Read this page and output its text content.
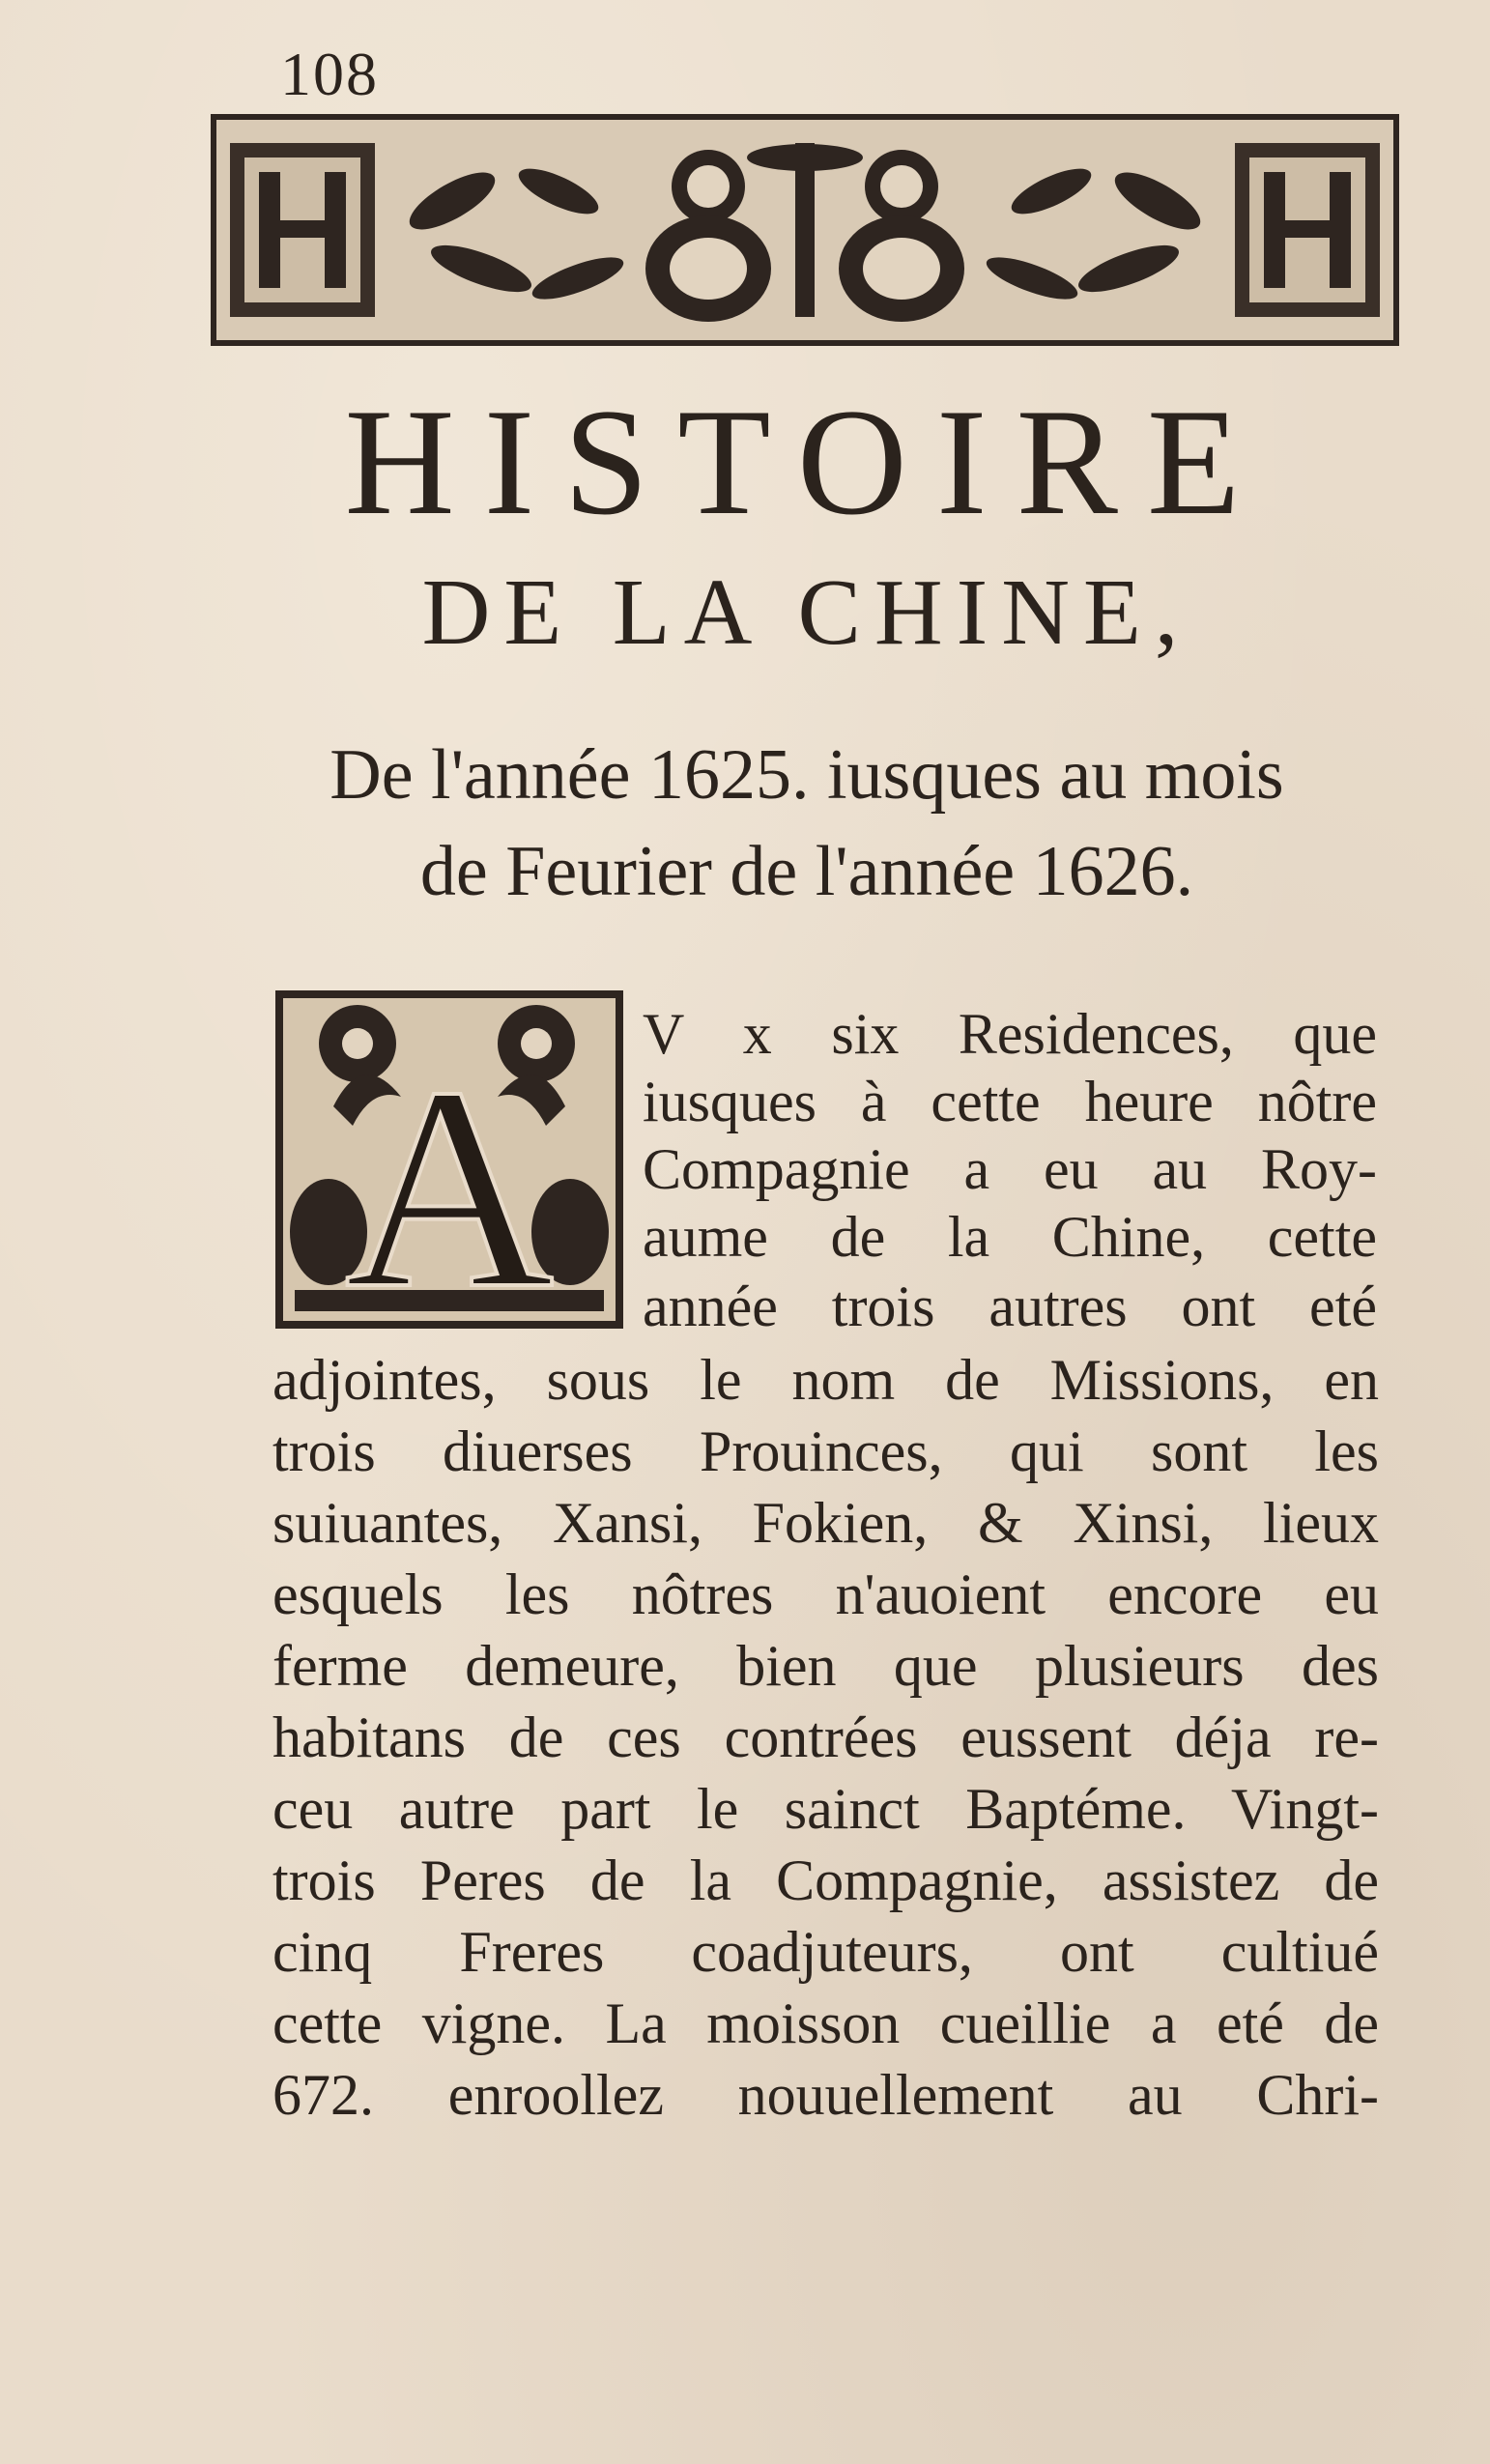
108
HISTOIRE
DE LA CHINE,
De l'année 1625. iusques au mois
de Feurier de l'année 1626.
A V x six Residences, que
iusques à cette heure nôtre
Compagnie a eu au Roy-
aume de la Chine, cette
année trois autres ont eté
adjointes, sous le nom de Missions, en
trois diuerses Prouinces, qui sont les
suiuantes, Xansi, Fokien, & Xinsi, lieux
esquels les nôtres n'auoient encore eu
ferme demeure, bien que plusieurs des
habitans de ces contrées eussent déja re-
ceu autre part le sainct Baptéme. Vingt-
trois Peres de la Compagnie, assistez de
cinq Freres coadjuteurs, ont cultiué
cette vigne. La moisson cueillie a eté de
672. enroollez nouuellement au Chri-
